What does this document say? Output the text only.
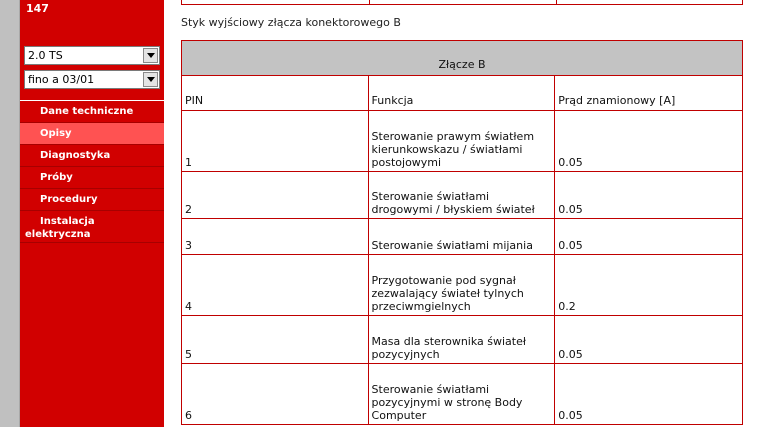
147
2.0 TS
fino a 03/01
Dane techniczne
Opisy
Diagnostyka
Próby
Procedury
Instalacja elektryczna
Styk wyjściowy złącza konektorowego B
Złącze B		
PIN	Funkcja	Prąd znamionowy [A]
1	Sterowanie prawym światłem kierunkowskazu / światłami postojowymi	0.05
2	Sterowanie światłami drogowymi / błyskiem świateł	0.05
3	Sterowanie światłami mijania	0.05
4	Przygotowanie pod sygnał zezwalający świateł tylnych przeciwmgielnych	0.2
5	Masa dla sterownika świateł pozycyjnych	0.05
6	Sterowanie światłami pozycyjnymi w stronę Body Computer	0.05
